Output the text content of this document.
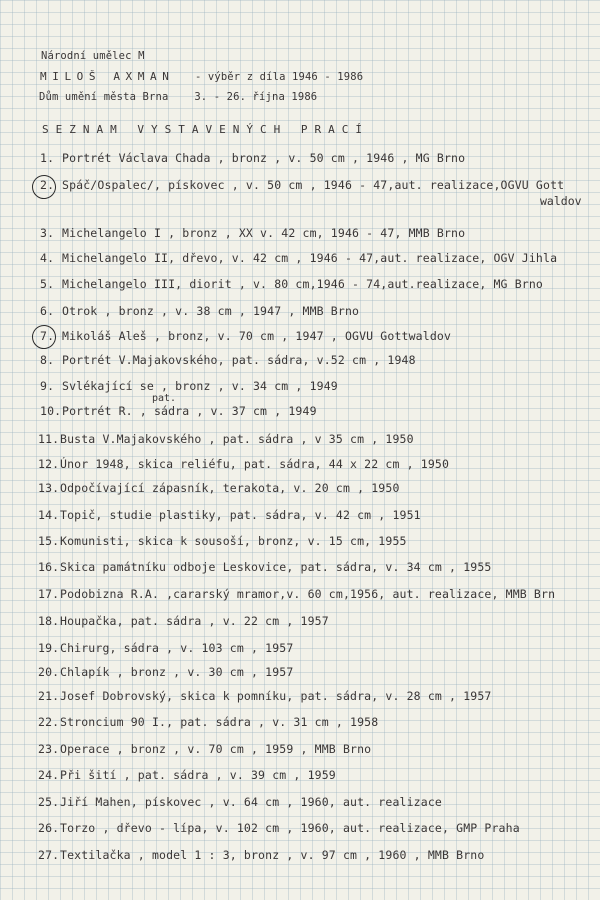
Národní umělec M
MILOŠ AXMAN - výběr z díla 1946 - 1986
Dům umění města Brna    3. - 26. října 1986
SEZNAM VYSTAVENÝCH PRACÍ
1. Portrét Václava Chada , bronz , v. 50 cm , 1946 , MG Brno
2. Spáč/Ospalec/, pískovec , v. 50 cm , 1946 - 47,aut. realizace,OGVU Gott
waldov
3. Michelangelo I , bronz , XX v. 42 cm, 1946 - 47, MMB Brno
4. Michelangelo II, dřevo, v. 42 cm , 1946 - 47,aut. realizace, OGV Jihla
5. Michelangelo III, diorit , v. 80 cm,1946 - 74,aut.realizace, MG Brno
6. Otrok , bronz , v. 38 cm , 1947 , MMB Brno
7. Mikoláš Aleš , bronz, v. 70 cm , 1947 , OGVU Gottwaldov
8. Portrét V.Majakovského, pat. sádra, v.52 cm , 1948
9. Svlékající se , bronz , v. 34 cm , 1949
10.Portrét R. , sádra , v. 37 cm , 1949
pat.
11.Busta V.Majakovského , pat. sádra , v 35 cm , 1950
12.Únor 1948, skica reliéfu, pat. sádra, 44 x 22 cm , 1950
13.Odpočívající zápasník, terakota, v. 20 cm , 1950
14.Topič, studie plastiky, pat. sádra, v. 42 cm , 1951
15.Komunisti, skica k sousoší, bronz, v. 15 cm, 1955
16.Skica památníku odboje Leskovice, pat. sádra, v. 34 cm , 1955
17.Podobizna R.A. ,cararský mramor,v. 60 cm,1956, aut. realizace, MMB Brn
18.Houpačka, pat. sádra , v. 22 cm , 1957
19.Chirurg, sádra , v. 103 cm , 1957
20.Chlapík , bronz , v. 30 cm , 1957
21.Josef Dobrovský, skica k pomníku, pat. sádra, v. 28 cm , 1957
22.Stroncium 90 I., pat. sádra , v. 31 cm , 1958
23.Operace , bronz , v. 70 cm , 1959 , MMB Brno
24.Při šití , pat. sádra , v. 39 cm , 1959
25.Jiří Mahen, pískovec , v. 64 cm , 1960, aut. realizace
26.Torzo , dřevo - lípa, v. 102 cm , 1960, aut. realizace, GMP Praha
27.Textilačka , model 1 : 3, bronz , v. 97 cm , 1960 , MMB Brno
